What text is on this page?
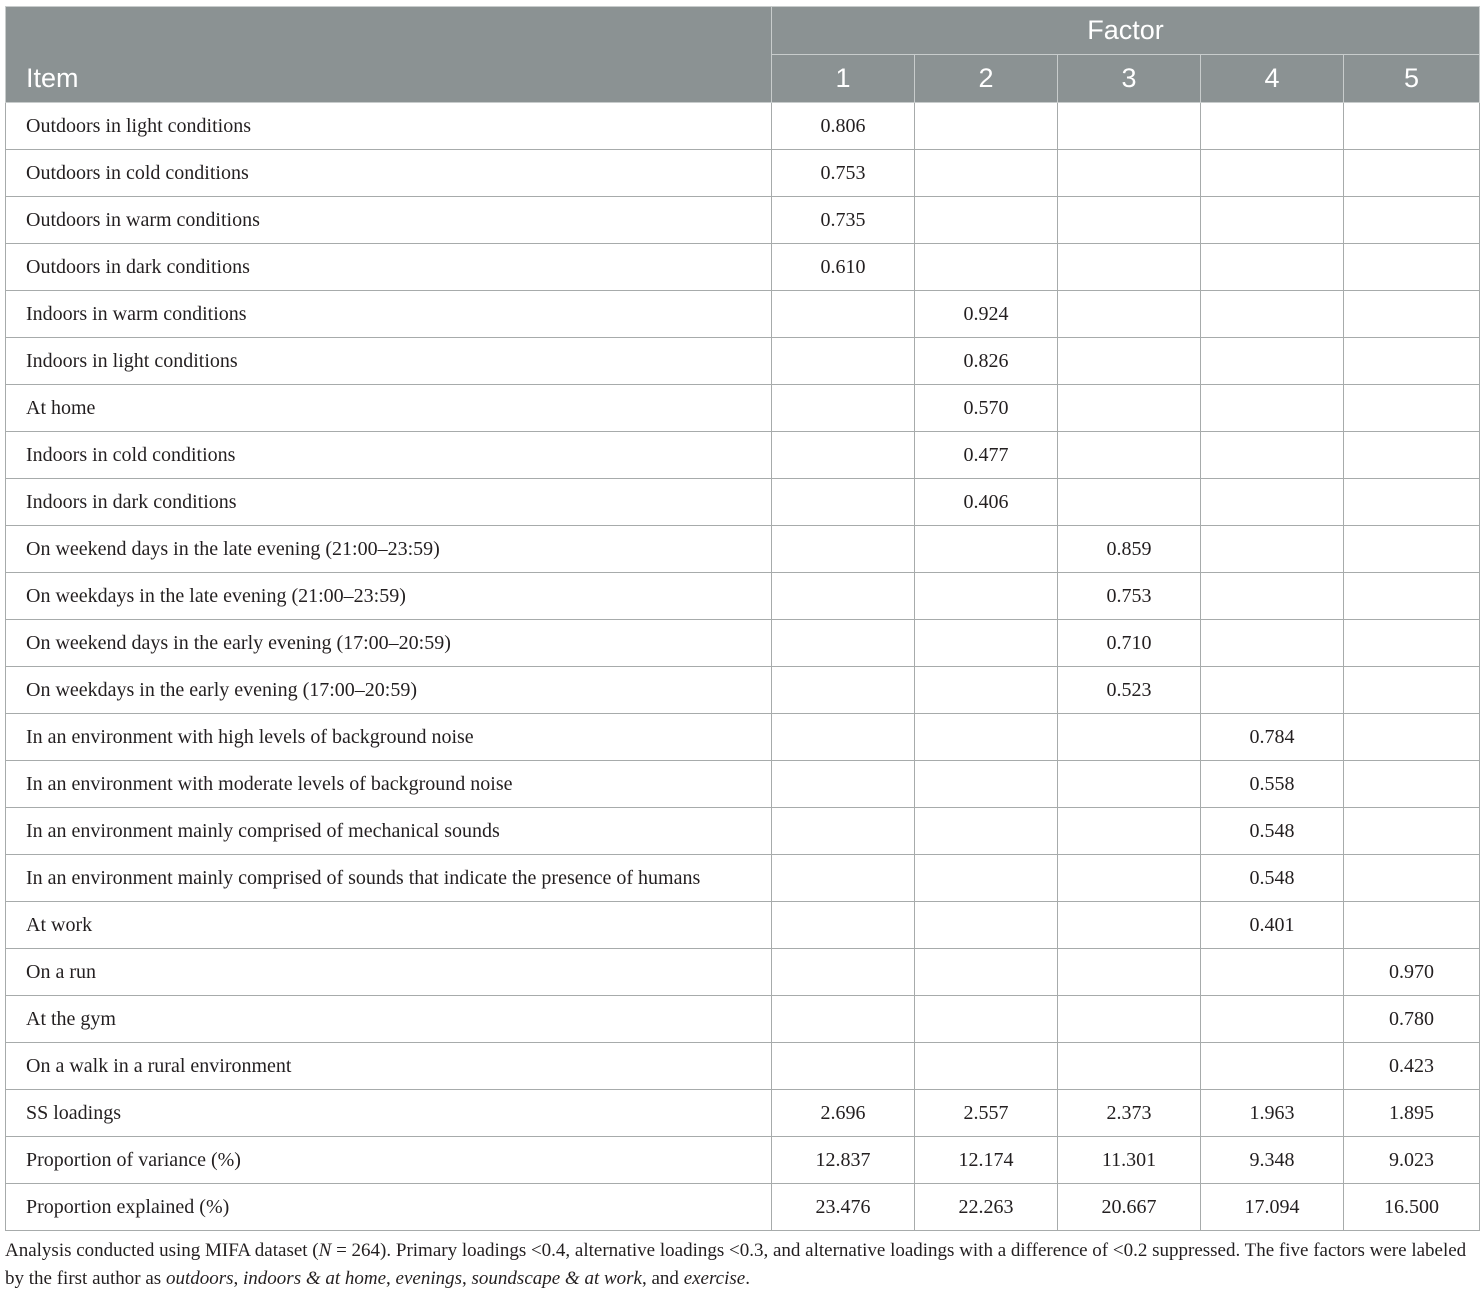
Item	Factor				
	1	2	3	4	5
Outdoors in light conditions	0.806				
Outdoors in cold conditions	0.753				
Outdoors in warm conditions	0.735				
Outdoors in dark conditions	0.610				
Indoors in warm conditions		0.924			
Indoors in light conditions		0.826			
At home		0.570			
Indoors in cold conditions		0.477			
Indoors in dark conditions		0.406			
On weekend days in the late evening (21:00–23:59)			0.859		
On weekdays in the late evening (21:00–23:59)			0.753		
On weekend days in the early evening (17:00–20:59)			0.710		
On weekdays in the early evening (17:00–20:59)			0.523		
In an environment with high levels of background noise				0.784	
In an environment with moderate levels of background noise				0.558	
In an environment mainly comprised of mechanical sounds				0.548	
In an environment mainly comprised of sounds that indicate the presence of humans				0.548	
At work				0.401	
On a run					0.970
At the gym					0.780
On a walk in a rural environment					0.423
SS loadings	2.696	2.557	2.373	1.963	1.895
Proportion of variance (%)	12.837	12.174	11.301	9.348	9.023
Proportion explained (%)	23.476	22.263	20.667	17.094	16.500
Analysis conducted using MIFA dataset (N = 264). Primary loadings <0.4, alternative loadings <0.3, and alternative loadings with a difference of <0.2 suppressed. The five factors were labeled by the first author as outdoors, indoors & at home, evenings, soundscape & at work, and exercise.
